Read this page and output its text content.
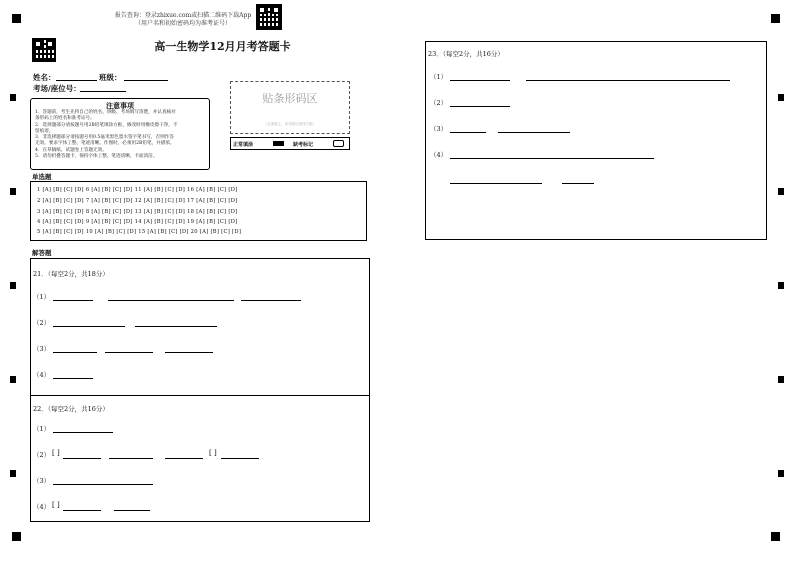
报告查询：登录zhixue.com或扫描二维码下载App
（用户名和初始密码均为准考证号）
高一生物学12月月考答题卡
姓名：	班级：
考场/座位号：
注意事项
1．答题前，考生先将自己的姓名、班级、考场填写清楚，并认真核对
条形码上的姓名和准考证号。
2．选择题部分请按题号用2B铅笔填涂方框，修改时用橡皮擦干净，不
留痕迹。
3．非选择题部分请按题号用0.5毫米黑色墨水签字笔书写，否则作答
无效。要求字体工整、笔迹清晰。作图时，必须用2B铅笔，并描浓。
4．在草稿纸、试题卷上答题无效。
5．请勿折叠答题卡，保持字体工整、笔迹清晰、卡面清洁。
贴条形码区
（正面朝上，切勿贴出虚线方框）
正常填涂	缺考标记
单选题
1 [A] [B] [C] [D] 6 [A] [B] [C] [D] 11 [A] [B] [C] [D] 16 [A] [B] [C] [D]
2 [A] [B] [C] [D] 7 [A] [B] [C] [D] 12 [A] [B] [C] [D] 17 [A] [B] [C] [D]
3 [A] [B] [C] [D] 8 [A] [B] [C] [D] 13 [A] [B] [C] [D] 18 [A] [B] [C] [D]
4 [A] [B] [C] [D] 9 [A] [B] [C] [D] 14 [A] [B] [C] [D] 19 [A] [B] [C] [D]
5 [A] [B] [C] [D] 10 [A] [B] [C] [D] 15 [A] [B] [C] [D] 20 [A] [B] [C] [D]
解答题
21．（每空2分，共18分）
（1）
（2）
（3）
（4）
22．（每空2分，共16分）
（1）
（2） [ ]	[ ]
（3）
（4） [ ]
23．（每空2分，共16分）
（1）
（2）
（3）
（4）
